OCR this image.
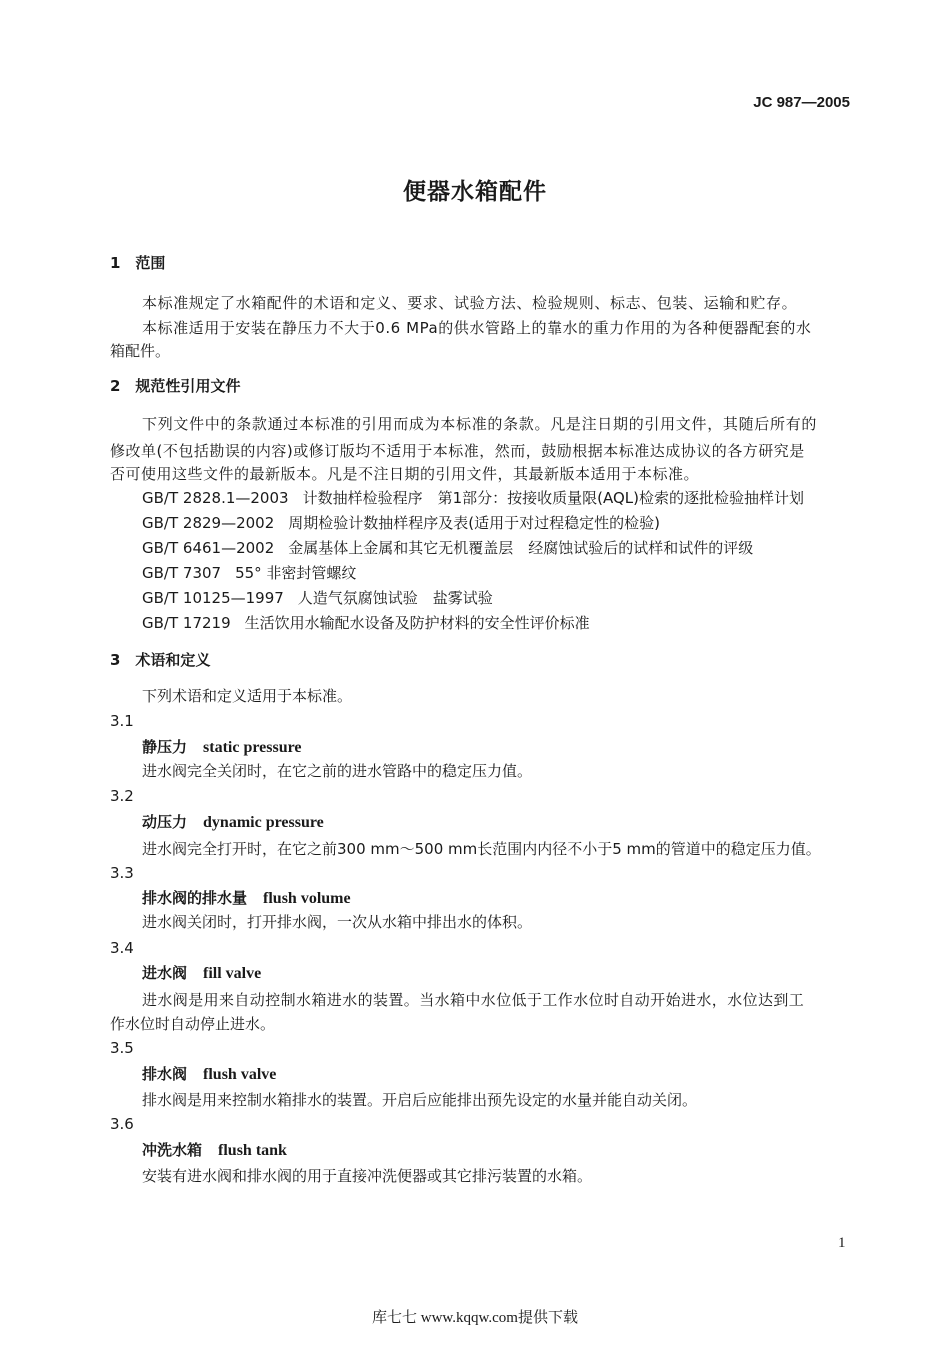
JC 987—2005
便器水箱配件
1　范围
本标准规定了水箱配件的术语和定义、要求、试验方法、检验规则、标志、包装、运输和贮存。
本标准适用于安装在静压力不大于0.6 MPa的供水管路上的靠水的重力作用的为各种便器配套的水
箱配件。
2　规范性引用文件
下列文件中的条款通过本标准的引用而成为本标准的条款。凡是注日期的引用文件，其随后所有的
修改单(不包括勘误的内容)或修订版均不适用于本标准，然而，鼓励根据本标准达成协议的各方研究是
否可使用这些文件的最新版本。凡是不注日期的引用文件，其最新版本适用于本标准。
GB/T 2828.1—2003 计数抽样检验程序　第1部分：按接收质量限(AQL)检索的逐批检验抽样计划
GB/T 2829—2002 周期检验计数抽样程序及表(适用于对过程稳定性的检验)
GB/T 6461—2002 金属基体上金属和其它无机覆盖层　经腐蚀试验后的试样和试件的评级
GB/T 7307 55° 非密封管螺纹
GB/T 10125—1997 人造气氛腐蚀试验　盐雾试验
GB/T 17219 生活饮用水输配水设备及防护材料的安全性评价标准
3　术语和定义
下列术语和定义适用于本标准。
3.1
静压力 static pressure
进水阀完全关闭时，在它之前的进水管路中的稳定压力值。
3.2
动压力 dynamic pressure
进水阀完全打开时，在它之前300 mm～500 mm长范围内内径不小于5 mm的管道中的稳定压力值。
3.3
排水阀的排水量 flush volume
进水阀关闭时，打开排水阀，一次从水箱中排出水的体积。
3.4
进水阀 fill valve
进水阀是用来自动控制水箱进水的装置。当水箱中水位低于工作水位时自动开始进水，水位达到工
作水位时自动停止进水。
3.5
排水阀 flush valve
排水阀是用来控制水箱排水的装置。开启后应能排出预先设定的水量并能自动关闭。
3.6
冲洗水箱 flush tank
安装有进水阀和排水阀的用于直接冲洗便器或其它排污装置的水箱。
1
库七七 www.kqqw.com提供下载
